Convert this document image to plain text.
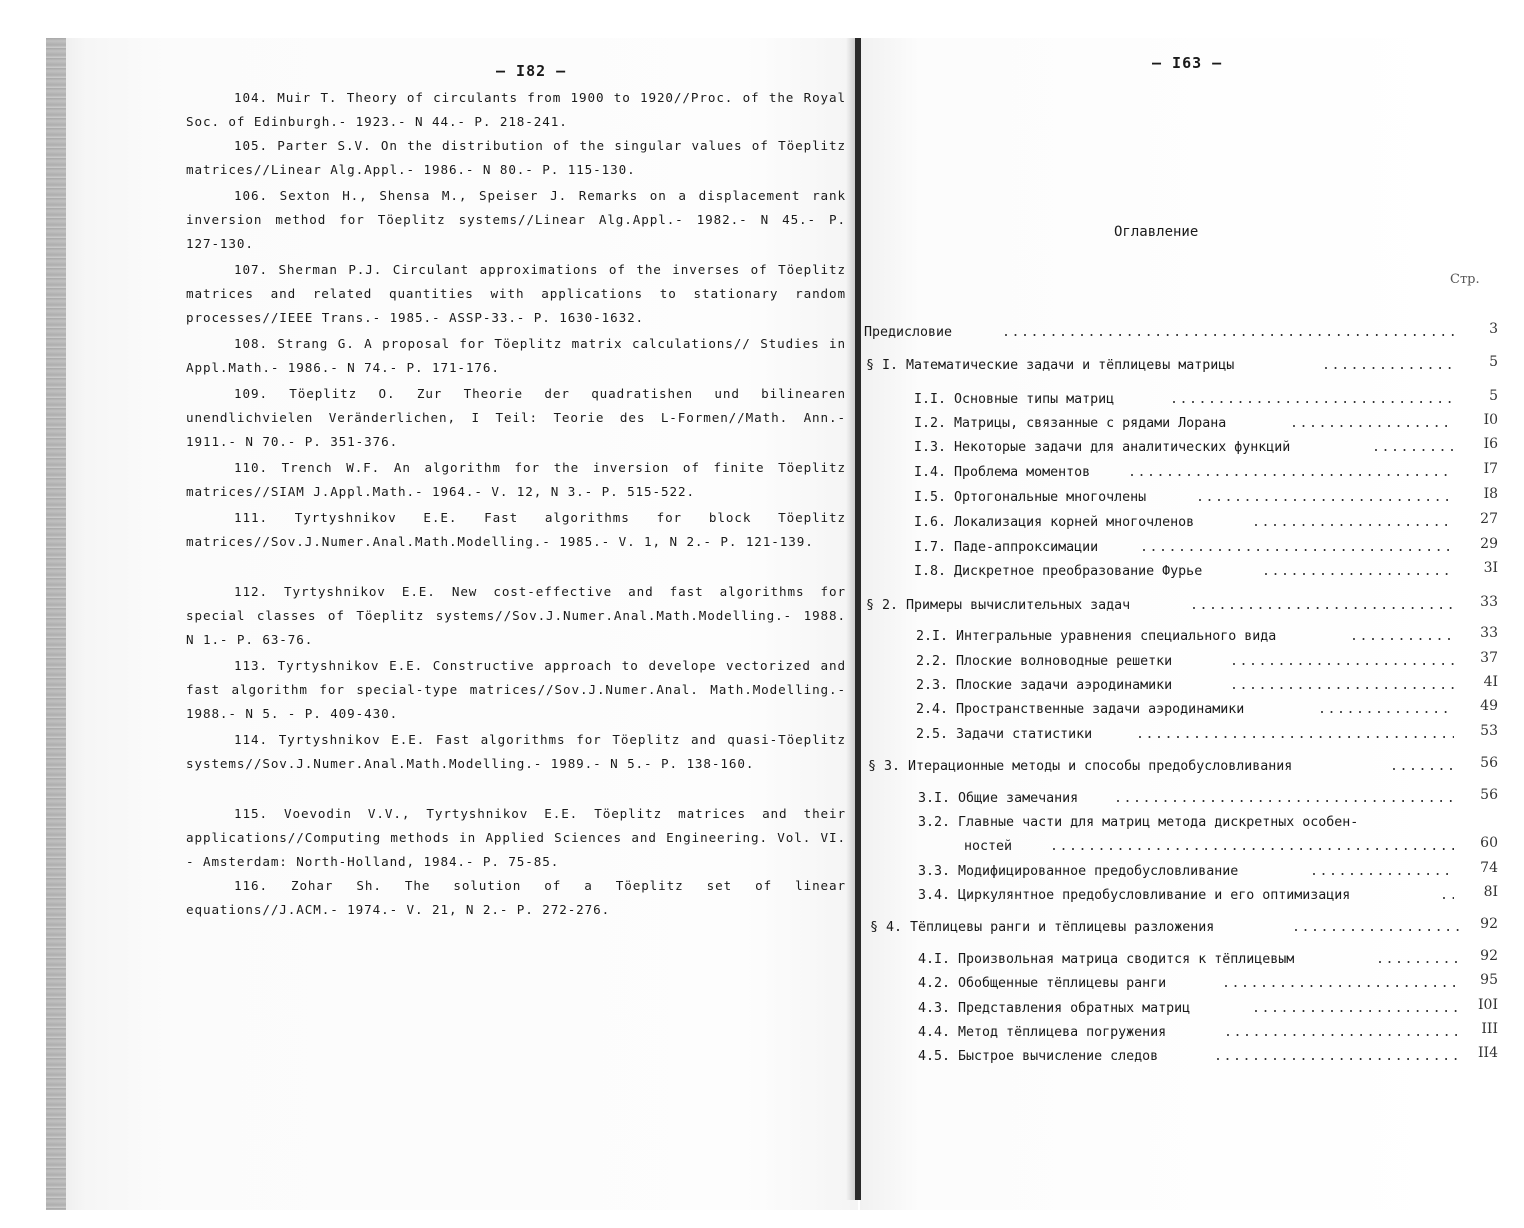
– I82 –
104. Muir T. Theory of circulants from 1900 to 1920//Proc. of the Royal Soc. of Edinburgh.- 1923.- N 44.- P. 218-241.
105. Parter S.V. On the distribution of the singular values of Töeplitz matrices//Linear Alg.Appl.- 1986.- N 80.- P. 115-130.
106. Sexton H., Shensa M., Speiser J. Remarks on a displacement rank inversion method for Töeplitz systems//Linear Alg.Appl.- 1982.- N 45.- P. 127-130.
107. Sherman P.J. Circulant approximations of the inverses of Töeplitz matrices and related quantities with applications to stationary random processes//IEEE Trans.- 1985.- ASSP-33.- P. 1630-1632.
108. Strang G. A proposal for Töeplitz matrix calculations// Studies in Appl.Math.- 1986.- N 74.- P. 171-176.
109. Töeplitz O. Zur Theorie der quadratishen und bilinearen unendlichvielen Verändеrlichen, I Teil: Teorie des L-Formen//Math. Ann.- 1911.- N 70.- P. 351-376.
110. Trench W.F. An algorithm for the inversion of finite Töeplitz matrices//SIAM J.Appl.Math.- 1964.- V. 12, N 3.- P. 515-522.
111. Tyrtyshnikov E.E. Fast algorithms for block Töeplitz matrices//Sov.J.Numer.Anal.Math.Modelling.- 1985.- V. 1, N 2.- P. 121-139.
112. Tyrtyshnikov E.E. New cost-effective and fast algorithms for special classes of Töeplitz systems//Sov.J.Numer.Anal.Math.Modelling.- 1988. N 1.- P. 63-76.
113. Tyrtyshnikov E.E. Constructive approach to develope vectorized and fast algorithm for special-type matrices//Sov.J.Numer.Anal. Math.Modelling.- 1988.- N 5. - P. 409-430.
114. Tyrtyshnikov E.E. Fast algorithms for Töeplitz and quasi-Töeplitz systems//Sov.J.Numer.Anal.Math.Modelling.- 1989.- N 5.- P. 138-160.
115. Voevodin V.V., Tyrtyshnikov E.E. Töeplitz matrices and their applications//Computing methods in Applied Sciences and Engineering. Vol. VI. - Amsterdam: North-Holland, 1984.- P. 75-85.
116. Zohar Sh. The solution of a Töeplitz set of linear equations//J.ACM.- 1974.- V. 21, N 2.- P. 272-276.
– I63 –
Оглавление
Стр.
Предисловие .....	3
§ I. Математические задачи и тёплицевы матрицы .....	5
I.I. Основные типы матриц .....	5
I.2. Матрицы, связанные с рядами Лорана .....	I0
I.3. Некоторые задачи для аналитических функций .....	I6
I.4. Проблема моментов .....	I7
I.5. Ортогональные многочлены .....	I8
I.6. Локализация корней многочленов .....	27
I.7. Паде-аппроксимации .....	29
I.8. Дискретное преобразование Фурье .....	3I
§ 2. Примеры вычислительных задач .....	33
2.I. Интегральные уравнения специального вида .....	33
2.2. Плоские волноводные решетки .....	37
2.3. Плоские задачи аэродинамики .....	4I
2.4. Пространственные задачи аэродинамики .....	49
2.5. Задачи статистики .....	53
§ 3. Итерационные методы и способы предобусловливания .....	56
3.I. Общие замечания .....	56
3.2. Главные части для матриц метода дискретных особен-
ностей .....	60
3.3. Модифицированное предобусловливание .....	74
3.4. Циркулянтное предобусловливание и его оптимизация .....	8I
§ 4. Тёплицевы ранги и тёплицевы разложения .....	92
4.I. Произвольная матрица сводится к тёплицевым .....	92
4.2. Обобщенные тёплицевы ранги .....	95
4.3. Представления обратных матриц .....	I0I
4.4. Метод тёплицева погружения .....	III
4.5. Быстрое вычисление следов .....	II4
